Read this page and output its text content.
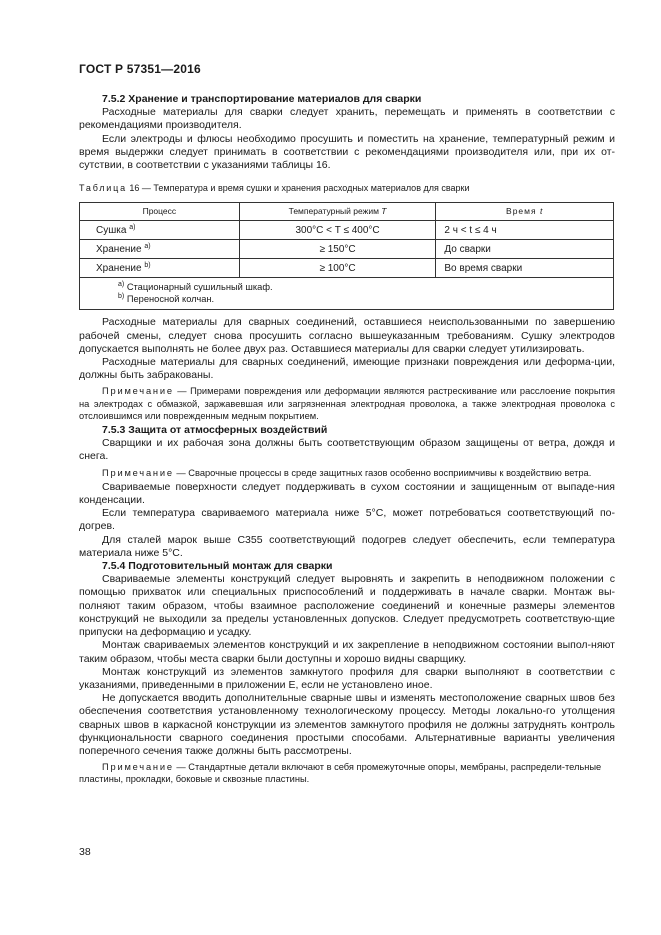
ГОСТ Р 57351—2016

7.5.2 Хранение и транспортирование материалов для сварки

Расходные материалы для сварки следует хранить, перемещать и применять в соответствии с рекомендациями производителя.

Если электроды и флюсы необходимо просушить и поместить на хранение, температурный режим и время выдержки следует принимать в соответствии с рекомендациями производителя или, при их от-сутствии, в соответствии с указаниями таблицы 16.

Таблица 16 — Температура и время сушки и хранения расходных материалов для сварки

Процесс	Температурный режим T	Время t
Сушка $^{a)}$	300°С < T ≤ 400°С	2 ч < t ≤ 4 ч
Хранение $^{а)}$	≥ 150°С	До сварки
Хранение $^{b)}$	≥ 100°С	Во время сварки

$^{а)}$ Стационарный сушильный шкаф.
$^{b)}$ Переносной колчан.		

Расходные материалы для сварных соединений, оставшиеся неиспользованными по завершению рабочей смены, следует снова просушить согласно вышеуказанным требованиям. Сушку электродов допускается выполнять не более двух раз. Оставшиеся материалы для сварки следует утилизировать.

Расходные материалы для сварных соединений, имеющие признаки повреждения или деформа-ции, должны быть забракованы.

Примечание — Примерами повреждения или деформации являются растрескивание или расслоение покрытия на электродах с обмазкой, заржавевшая или загрязненная электродная проволока, а также электродная проволока с отслоившимся или поврежденным медным покрытием.

7.5.3 Защита от атмосферных воздействий

Сварщики и их рабочая зона должны быть соответствующим образом защищены от ветра, дождя и снега.

Примечание — Сварочные процессы в среде защитных газов особенно восприимчивы к воздействию ветра.

Свариваемые поверхности следует поддерживать в сухом состоянии и защищенным от выпаде-ния конденсации.

Если температура свариваемого материала ниже 5°С, может потребоваться соответствующий по-догрев.

Для сталей марок выше С355 соответствующий подогрев следует обеспечить, если температура материала ниже 5°С.

7.5.4 Подготовительный монтаж для сварки

Свариваемые элементы конструкций следует выровнять и закрепить в неподвижном положении с помощью прихваток или специальных приспособлений и поддерживать в начале сварки. Монтаж вы-полняют таким образом, чтобы взаимное расположение соединений и конечные размеры элементов конструкций не выходили за пределы установленных допусков. Следует предусмотреть соответствую-щие припуски на деформацию и усадку.

Монтаж свариваемых элементов конструкций и их закрепление в неподвижном состоянии выпол-няют таким образом, чтобы места сварки были доступны и хорошо видны сварщику.

Монтаж конструкций из элементов замкнутого профиля для сварки выполняют в соответствии с указаниями, приведенными в приложении Е, если не установлено иное.

Не допускается вводить дополнительные сварные швы и изменять местоположение сварных швов без обеспечения соответствия установленному технологическому процессу. Методы локально-го утолщения сварных швов в каркасной конструкции из элементов замкнутого профиля не должны затруднять контроль функциональности сварного соединения простыми способами. Альтернативные варианты увеличения поперечного сечения также должны быть рассмотрены.

Примечание — Стандартные детали включают в себя промежуточные опоры, мембраны, распредели-тельные пластины, прокладки, боковые и сквозные пластины.

38
